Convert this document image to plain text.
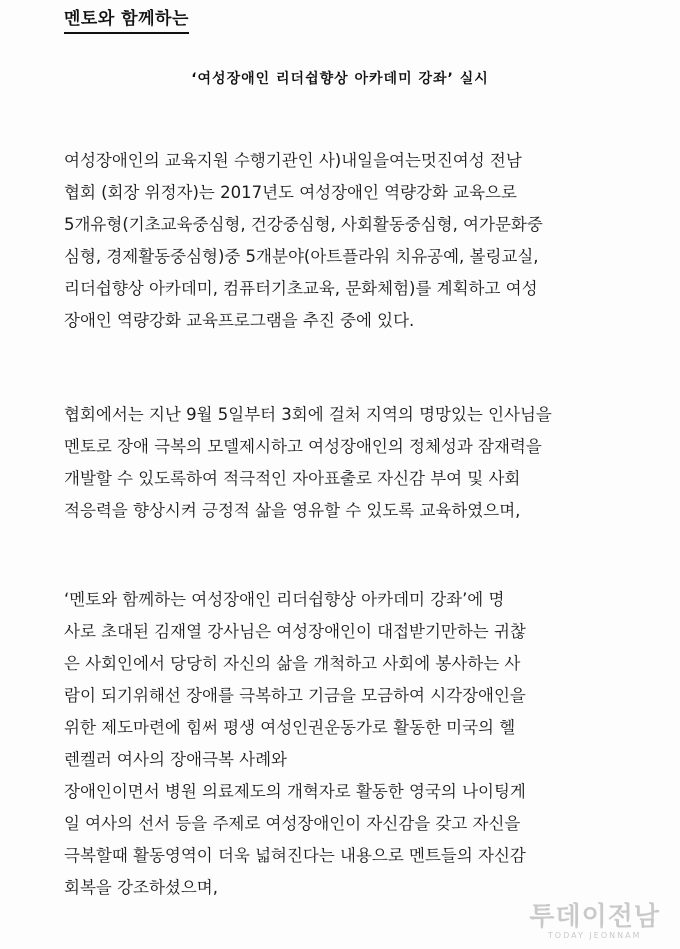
멘토와 함께하는
‘여성장애인 리더쉽향상 아카데미 강좌’ 실시

여성장애인의 교육지원 수행기관인 사)내일을여는멋진여성 전남
협회 (회장 위정자)는 2017년도 여성장애인 역량강화 교육으로
5개유형(기초교육중심형, 건강중심형, 사회활동중심형, 여가문화중
심형, 경제활동중심형)중 5개분야(아트플라워 치유공예, 볼링교실,
리더쉽향상 아카데미, 컴퓨터기초교육, 문화체험)를 계획하고 여성
장애인 역량강화 교육프로그램을 추진 중에 있다.

협회에서는 지난 9월 5일부터 3회에 걸처 지역의 명망있는 인사님을
멘토로 장애 극복의 모델제시하고 여성장애인의 정체성과 잠재력을
개발할 수 있도록하여 적극적인 자아표출로 자신감 부여 및 사회
적응력을 향상시켜 긍정적 삶을 영유할 수 있도록 교육하였으며,

‘멘토와 함께하는 여성장애인 리더쉽향상 아카데미 강좌’에 명
사로 초대된 김재열 강사님은 여성장애인이 대접받기만하는 귀찮
은 사회인에서 당당히 자신의 삶을 개척하고 사회에 봉사하는 사
람이 되기위해선 장애를 극복하고 기금을 모금하여 시각장애인을
위한 제도마련에 힘써 평생 여성인권운동가로 활동한 미국의 헬
렌켈러 여사의 장애극복 사례와
장애인이면서 병원 의료제도의 개혁자로 활동한 영국의 나이팅게
일 여사의 선서 등을 주제로 여성장애인이 자신감을 갖고 자신을
극복할때 활동영역이 더욱 넓혀진다는 내용으로 멘트들의 자신감
회복을 강조하셨으며,

투데이전남
TODAY JEONNAM
